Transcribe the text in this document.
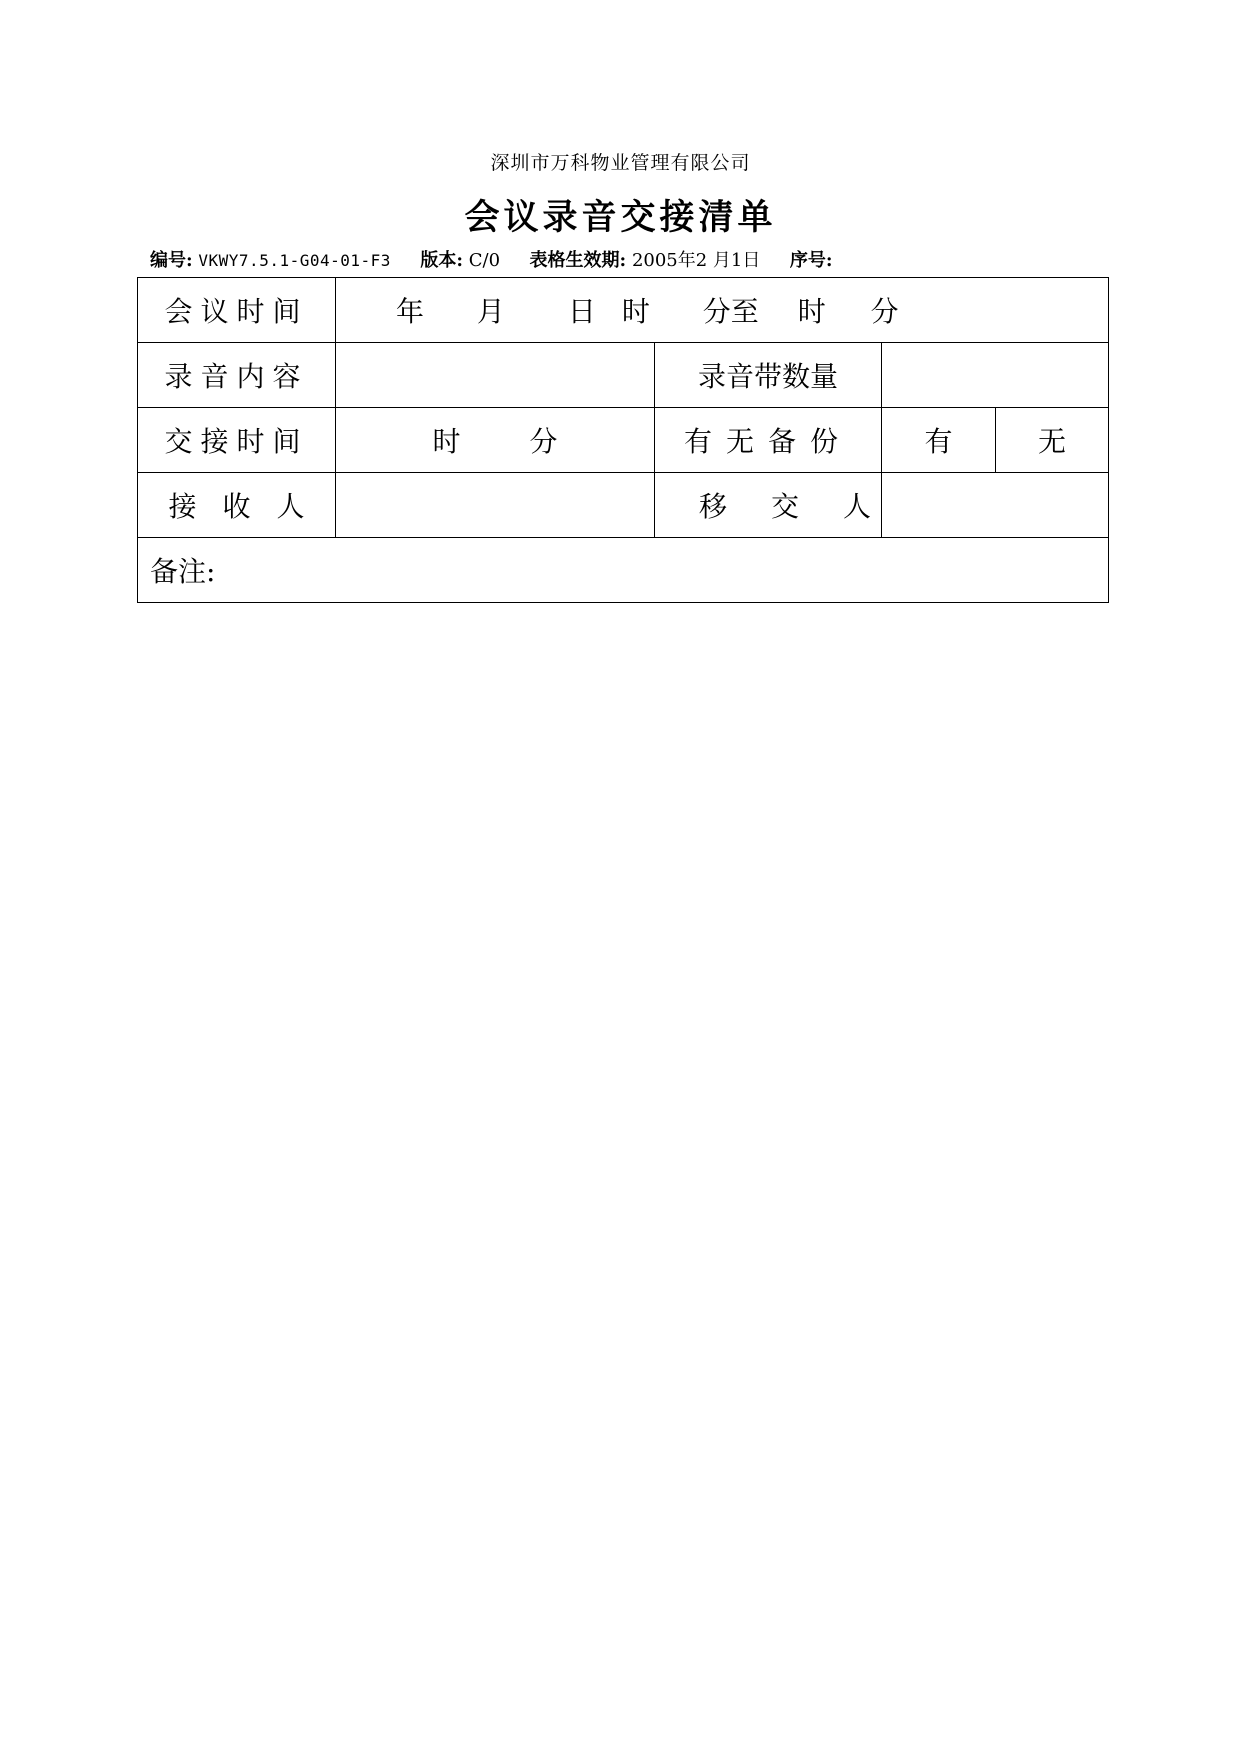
深圳市万科物业管理有限公司
会议录音交接清单
编号: VKWY7.5.1-G04-01-F3 版本: C/0 表格生效期: 2005年2 月1日 序号:
会议时间	年 月 日时 分至 时 分			
录音内容		录音带数量		
交接时间	时 分	有无备份	有	无
接收人		移交人		
备注:				
